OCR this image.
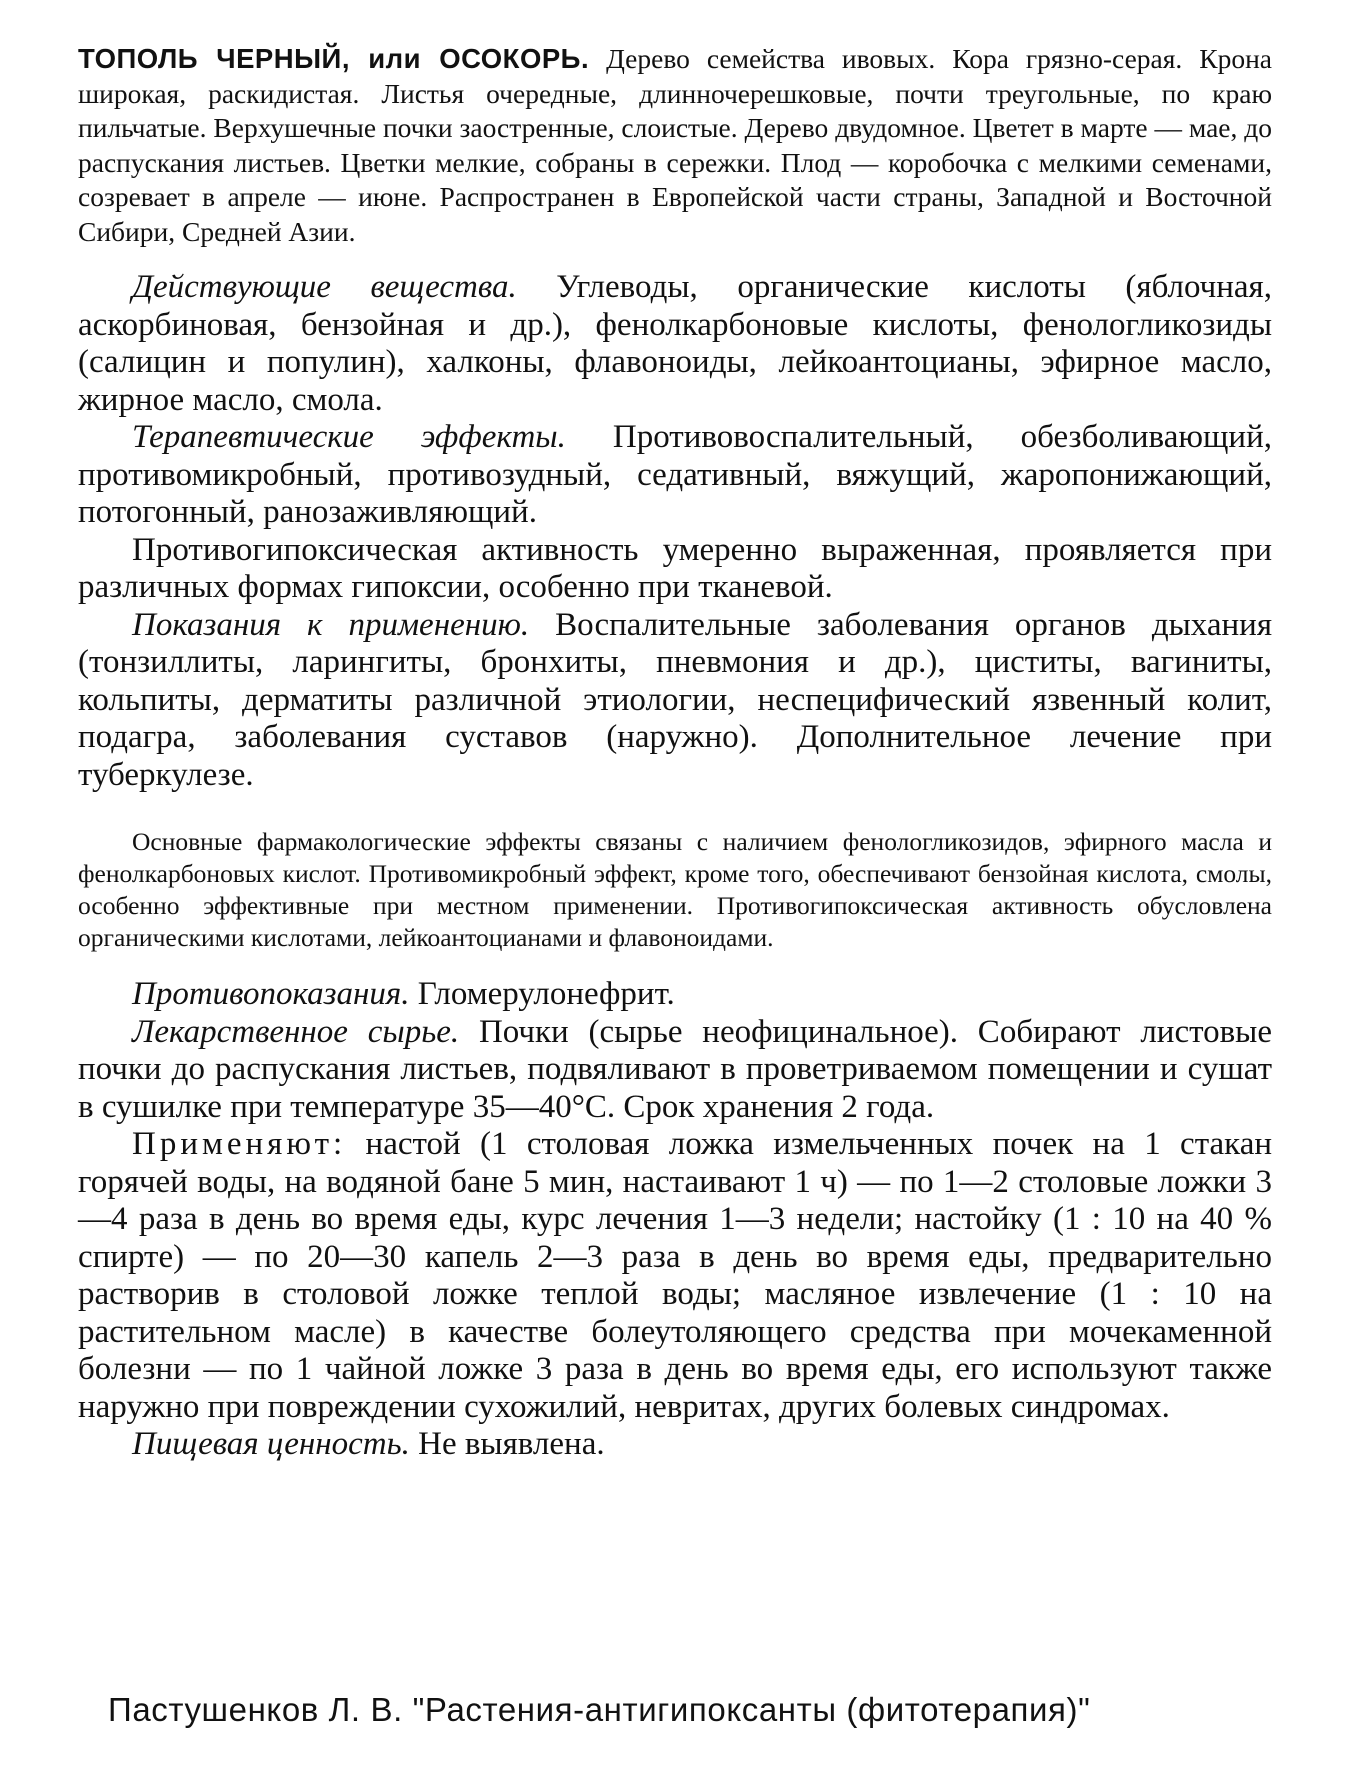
ТОПОЛЬ ЧЕРНЫЙ, или ОСОКОРЬ. Дерево семейства ивовых. Кора грязно-серая. Крона широкая, раскидистая. Листья очередные, длинночерешковые, почти треугольные, по краю пильчатые. Верхушечные почки заостренные, слоистые. Дерево двудомное. Цветет в марте — мае, до распускания листьев. Цветки мелкие, собраны в сережки. Плод — коробочка с мелкими семенами, созревает в апреле — июне. Распространен в Европейской части страны, Западной и Восточной Сибири, Средней Азии.

Действующие вещества. Углеводы, органические кислоты (яблочная, аскорбиновая, бензойная и др.), фенолкарбоновые кислоты, фенологликозиды (салицин и популин), халконы, флавоноиды, лейкоантоцианы, эфирное масло, жирное масло, смола.

Терапевтические эффекты. Противовоспалительный, обезболивающий, противомикробный, противозудный, седативный, вяжущий, жаропонижающий, потогонный, ранозаживляющий.

Противогипоксическая активность умеренно выраженная, проявляется при различных формах гипоксии, особенно при тканевой.

Показания к применению. Воспалительные заболевания органов дыхания (тонзиллиты, ларингиты, бронхиты, пневмония и др.), циститы, вагиниты, кольпиты, дерматиты различной этиологии, неспецифический язвенный колит, подагра, заболевания суставов (наружно). Дополнительное лечение при туберкулезе.

Основные фармакологические эффекты связаны с наличием фенологликозидов, эфирного масла и фенолкарбоновых кислот. Противомикробный эффект, кроме того, обеспечивают бензойная кислота, смолы, особенно эффективные при местном применении. Противогипоксическая активность обусловлена органическими кислотами, лейкоантоцианами и флавоноидами.

Противопоказания. Гломерулонефрит.

Лекарственное сырье. Почки (сырье неофицинальное). Собирают листовые почки до распускания листьев, подвяливают в проветриваемом помещении и сушат в сушилке при температуре 35—40°С. Срок хранения 2 года.

Применяют: настой (1 столовая ложка измельченных почек на 1 стакан горячей воды, на водяной бане 5 мин, настаивают 1 ч) — по 1—2 столовые ложки 3—4 раза в день во время еды, курс лечения 1—3 недели; настойку (1 : 10 на 40 % спирте) — по 20—30 капель 2—3 раза в день во время еды, предварительно растворив в столовой ложке теплой воды; масляное извлечение (1 : 10 на растительном масле) в качестве болеутоляющего средства при мочекаменной болезни — по 1 чайной ложке 3 раза в день во время еды, его используют также наружно при повреждении сухожилий, невритах, других болевых синдромах.

Пищевая ценность. Не выявлена.

Пастушенков Л. В. "Растения-антигипоксанты (фитотерапия)"
